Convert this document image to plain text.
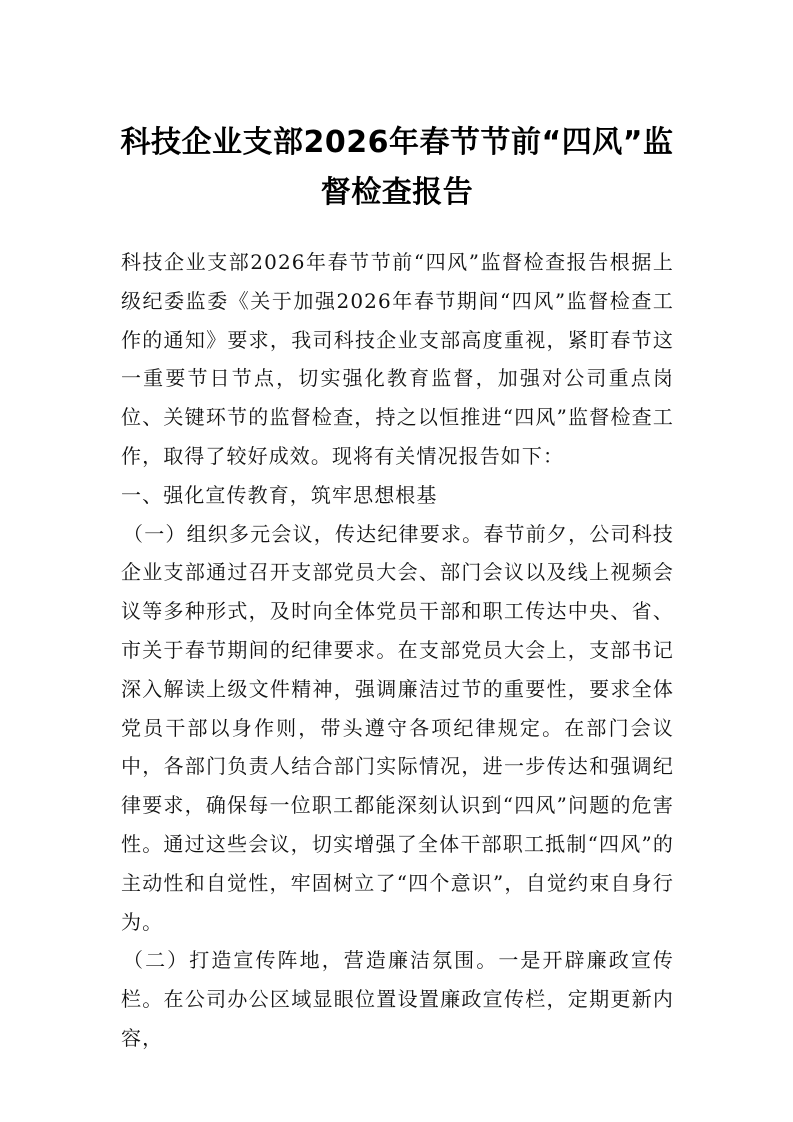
科技企业支部2026年春节节前“四风”监督检查报告

科技企业支部2026年春节节前“四风”监督检查报告根据上级纪委监委《关于加强2026年春节期间“四风”监督检查工作的通知》要求，我司科技企业支部高度重视，紧盯春节这一重要节日节点，切实强化教育监督，加强对公司重点岗位、关键环节的监督检查，持之以恒推进“四风”监督检查工作，取得了较好成效。现将有关情况报告如下：

一、强化宣传教育，筑牢思想根基

（一）组织多元会议，传达纪律要求。春节前夕，公司科技企业支部通过召开支部党员大会、部门会议以及线上视频会议等多种形式，及时向全体党员干部和职工传达中央、省、市关于春节期间的纪律要求。在支部党员大会上，支部书记深入解读上级文件精神，强调廉洁过节的重要性，要求全体党员干部以身作则，带头遵守各项纪律规定。在部门会议中，各部门负责人结合部门实际情况，进一步传达和强调纪律要求，确保每一位职工都能深刻认识到“四风”问题的危害性。通过这些会议，切实增强了全体干部职工抵制“四风”的主动性和自觉性，牢固树立了“四个意识”，自觉约束自身行为。

（二）打造宣传阵地，营造廉洁氛围。一是开辟廉政宣传栏。在公司办公区域显眼位置设置廉政宣传栏，定期更新内容，
